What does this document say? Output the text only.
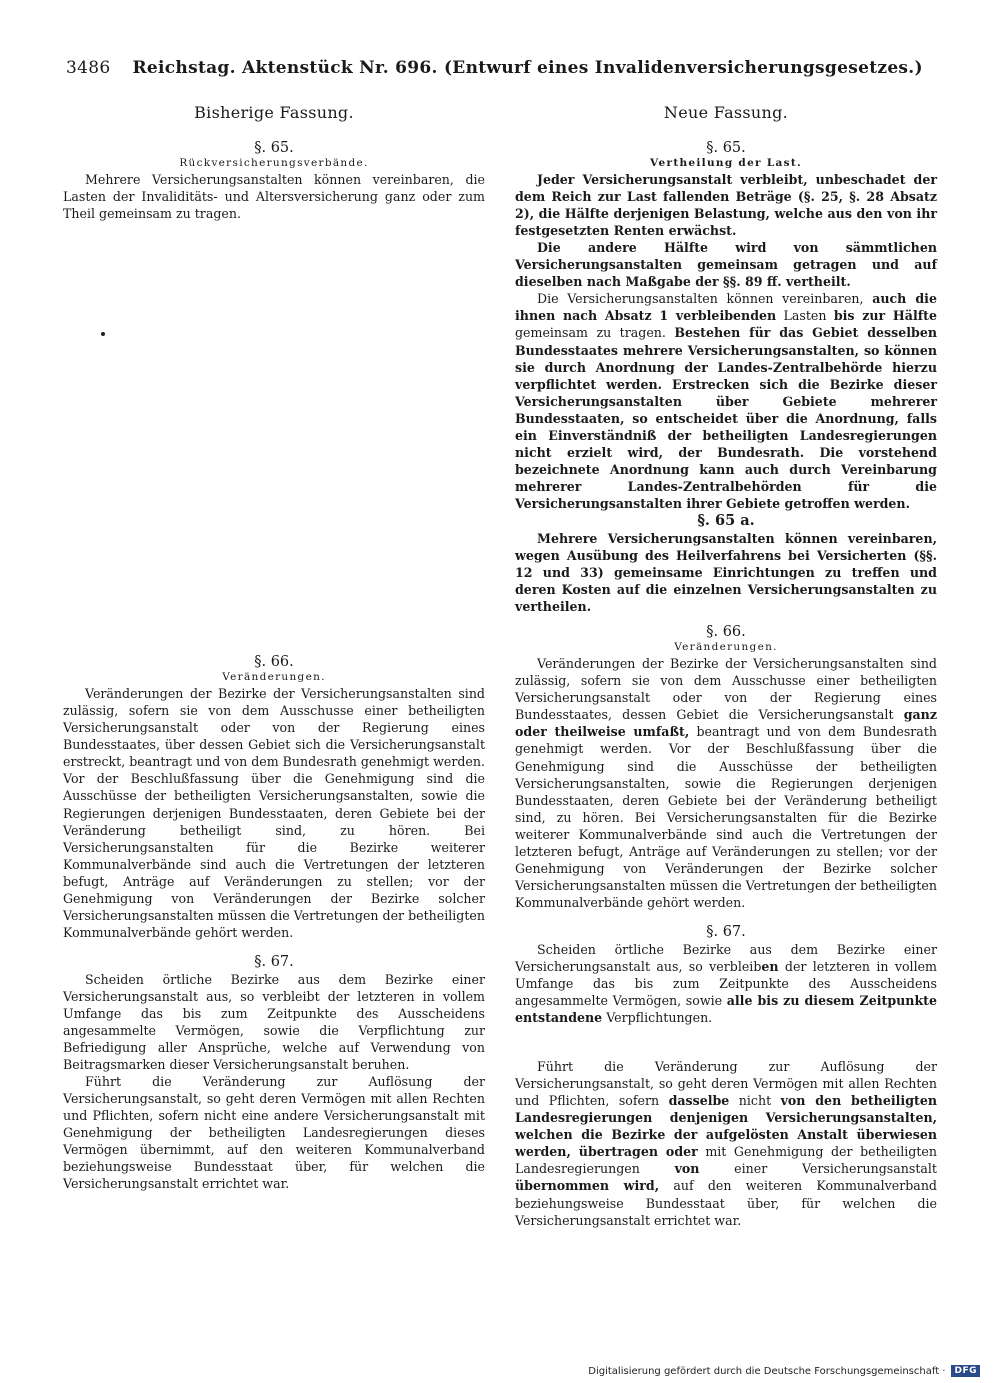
3486 Reichstag. Aktenstück Nr. 696. (Entwurf eines Invalidenversicherungsgesetzes.)

Bisherige Fassung.

§. 65.

Rückversicherungsverbände.

Mehrere Versicherungsanstalten können vereinbaren, die Lasten der Invaliditäts- und Altersversicherung ganz oder zum Theil gemeinsam zu tragen.

§. 66.

Veränderungen.

Veränderungen der Bezirke der Versicherungsanstalten sind zulässig, sofern sie von dem Ausschusse einer betheiligten Versicherungsanstalt oder von der Regierung eines Bundesstaates, über dessen Gebiet sich die Versicherungsanstalt erstreckt, beantragt und von dem Bundesrath genehmigt werden. Vor der Beschlußfassung über die Genehmigung sind die Ausschüsse der betheiligten Versicherungsanstalten, sowie die Regierungen derjenigen Bundesstaaten, deren Gebiete bei der Veränderung betheiligt sind, zu hören. Bei Versicherungsanstalten für die Bezirke weiterer Kommunalverbände sind auch die Vertretungen der letzteren befugt, Anträge auf Veränderungen zu stellen; vor der Genehmigung von Veränderungen der Bezirke solcher Versicherungsanstalten müssen die Vertretungen der betheiligten Kommunalverbände gehört werden.

§. 67.

Scheiden örtliche Bezirke aus dem Bezirke einer Versicherungsanstalt aus, so verbleibt der letzteren in vollem Umfange das bis zum Zeitpunkte des Ausscheidens angesammelte Vermögen, sowie die Verpflichtung zur Befriedigung aller Ansprüche, welche auf Verwendung von Beitragsmarken dieser Versicherungsanstalt beruhen.

Führt die Veränderung zur Auflösung der Versicherungsanstalt, so geht deren Vermögen mit allen Rechten und Pflichten, sofern nicht eine andere Versicherungsanstalt mit Genehmigung der betheiligten Landesregierungen dieses Vermögen übernimmt, auf den weiteren Kommunalverband beziehungsweise Bundesstaat über, für welchen die Versicherungsanstalt errichtet war.

Neue Fassung.

§. 65.

Vertheilung der Last.

Jeder Versicherungsanstalt verbleibt, unbeschadet der dem Reich zur Last fallenden Beträge (§. 25, §. 28 Absatz 2), die Hälfte derjenigen Belastung, welche aus den von ihr festgesetzten Renten erwächst.

Die andere Hälfte wird von sämmtlichen Versicherungsanstalten gemeinsam getragen und auf dieselben nach Maßgabe der §§. 89 ff. vertheilt.

Die Versicherungsanstalten können vereinbaren, auch die ihnen nach Absatz 1 verbleibenden Lasten bis zur Hälfte gemeinsam zu tragen. Bestehen für das Gebiet desselben Bundesstaates mehrere Versicherungsanstalten, so können sie durch Anordnung der Landes-Zentralbehörde hierzu verpflichtet werden. Erstrecken sich die Bezirke dieser Versicherungsanstalten über Gebiete mehrerer Bundesstaaten, so entscheidet über die Anordnung, falls ein Einverständniß der betheiligten Landesregierungen nicht erzielt wird, der Bundesrath. Die vorstehend bezeichnete Anordnung kann auch durch Vereinbarung mehrerer Landes-Zentralbehörden für die Versicherungsanstalten ihrer Gebiete getroffen werden.

§. 65 a.

Mehrere Versicherungsanstalten können vereinbaren, wegen Ausübung des Heilverfahrens bei Versicherten (§§. 12 und 33) gemeinsame Einrichtungen zu treffen und deren Kosten auf die einzelnen Versicherungsanstalten zu vertheilen.

§. 66.

Veränderungen.

Veränderungen der Bezirke der Versicherungsanstalten sind zulässig, sofern sie von dem Ausschusse einer betheiligten Versicherungsanstalt oder von der Regierung eines Bundesstaates, dessen Gebiet die Versicherungsanstalt ganz oder theilweise umfaßt, beantragt und von dem Bundesrath genehmigt werden. Vor der Beschlußfassung über die Genehmigung sind die Ausschüsse der betheiligten Versicherungsanstalten, sowie die Regierungen derjenigen Bundesstaaten, deren Gebiete bei der Veränderung betheiligt sind, zu hören. Bei Versicherungsanstalten für die Bezirke weiterer Kommunalverbände sind auch die Vertretungen der letzteren befugt, Anträge auf Veränderungen zu stellen; vor der Genehmigung von Veränderungen der Bezirke solcher Versicherungsanstalten müssen die Vertretungen der betheiligten Kommunalverbände gehört werden.

§. 67.

Scheiden örtliche Bezirke aus dem Bezirke einer Versicherungsanstalt aus, so verbleiben der letzteren in vollem Umfange das bis zum Zeitpunkte des Ausscheidens angesammelte Vermögen, sowie alle bis zu diesem Zeitpunkte entstandene Verpflichtungen.

Führt die Veränderung zur Auflösung der Versicherungsanstalt, so geht deren Vermögen mit allen Rechten und Pflichten, sofern dasselbe nicht von den betheiligten Landesregierungen denjenigen Versicherungsanstalten, welchen die Bezirke der aufgelösten Anstalt überwiesen werden, übertragen oder mit Genehmigung der betheiligten Landesregierungen von einer Versicherungsanstalt übernommen wird, auf den weiteren Kommunalverband beziehungsweise Bundesstaat über, für welchen die Versicherungsanstalt errichtet war.

Digitalisierung gefördert durch die Deutsche Forschungsgemeinschaft ·	DFG
